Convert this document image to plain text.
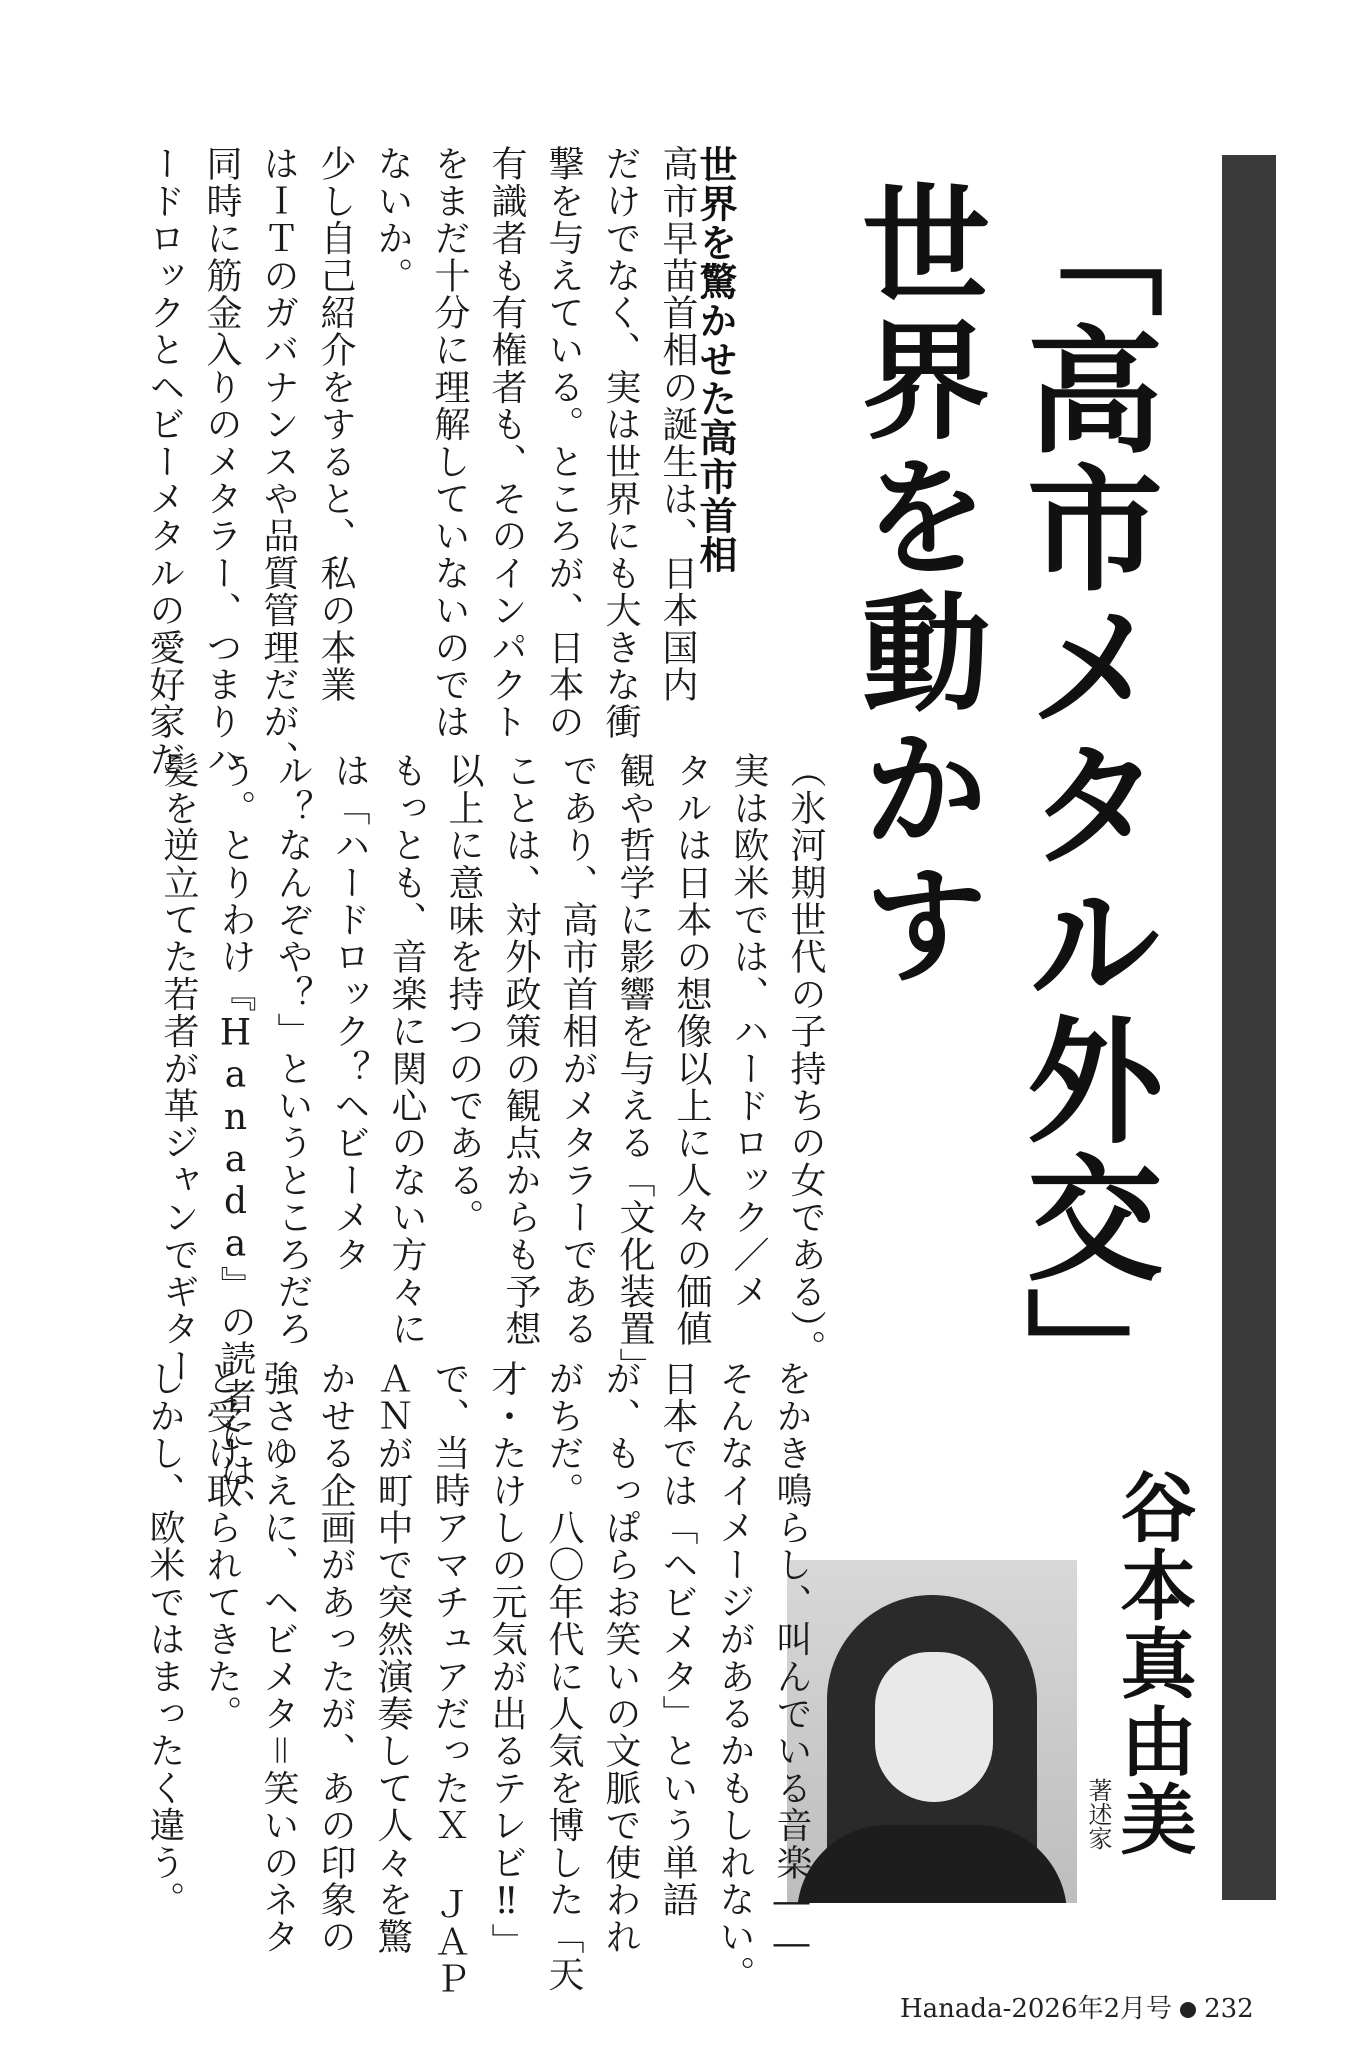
「高市メタル外交」
世界を動かす
谷本真由美
著述家
世界を驚かせた高市首相
高市早苗首相の誕生は、日本国内
だけでなく、実は世界にも大きな衝
撃を与えている。ところが、日本の
有識者も有権者も、そのインパクト
をまだ十分に理解していないのでは
ないか。
少し自己紹介をすると、私の本業
はＩＴのガバナンスや品質管理だが、
同時に筋金入りのメタラー、つまりハ
ードロックとヘビーメタルの愛好家だ
（氷河期世代の子持ちの女である）。
実は欧米では、ハードロック／メ
タルは日本の想像以上に人々の価値
観や哲学に影響を与える「文化装置」
であり、高市首相がメタラーである
ことは、対外政策の観点からも予想
以上に意味を持つのである。
もっとも、音楽に関心のない方々に
は「ハードロック？ヘビーメタ
ル？なんぞや？」というところだろ
う。とりわけ『Hanada』の読者には、
髪を逆立てた若者が革ジャンでギター
をかき鳴らし、叫んでいる音楽――
そんなイメージがあるかもしれない。
日本では「ヘビメタ」という単語
が、もっぱらお笑いの文脈で使われ
がちだ。八〇年代に人気を博した「天
才・たけしの元気が出るテレビ‼」
で、当時アマチュアだったＸ ＪＡＰ
ＡＮが町中で突然演奏して人々を驚
かせる企画があったが、あの印象の
強さゆえに、ヘビメタ＝笑いのネタ
と受け取られてきた。
しかし、欧米ではまったく違う。
Hanada-2026年2月号 232
